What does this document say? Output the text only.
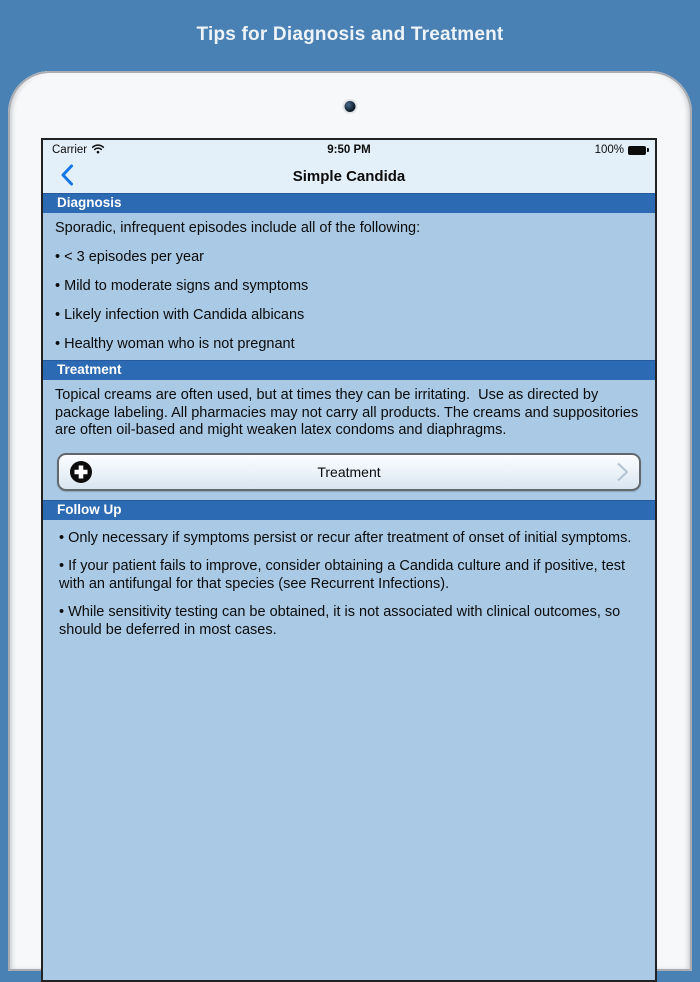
Tips for Diagnosis and Treatment
Carrier	9:50 PM	100%
Simple Candida
Diagnosis

Sporadic, infrequent episodes include all of the following:

• < 3 episodes per year
• Mild to moderate signs and symptoms
• Likely infection with Candida albicans
• Healthy woman who is not pregnant
Treatment

Topical creams are often used, but at times they can be irritating.  Use as directed by package labeling. All pharmacies may not carry all products. The creams and suppositories are often oil-based and might weaken latex condoms and diaphragms.

Treatment
Follow Up
• Only necessary if symptoms persist or recur after treatment of onset of initial symptoms.
• If your patient fails to improve, consider obtaining a Candida culture and if positive, test with an antifungal for that species (see Recurrent Infections).
• While sensitivity testing can be obtained, it is not associated with clinical outcomes, so should be deferred in most cases.
